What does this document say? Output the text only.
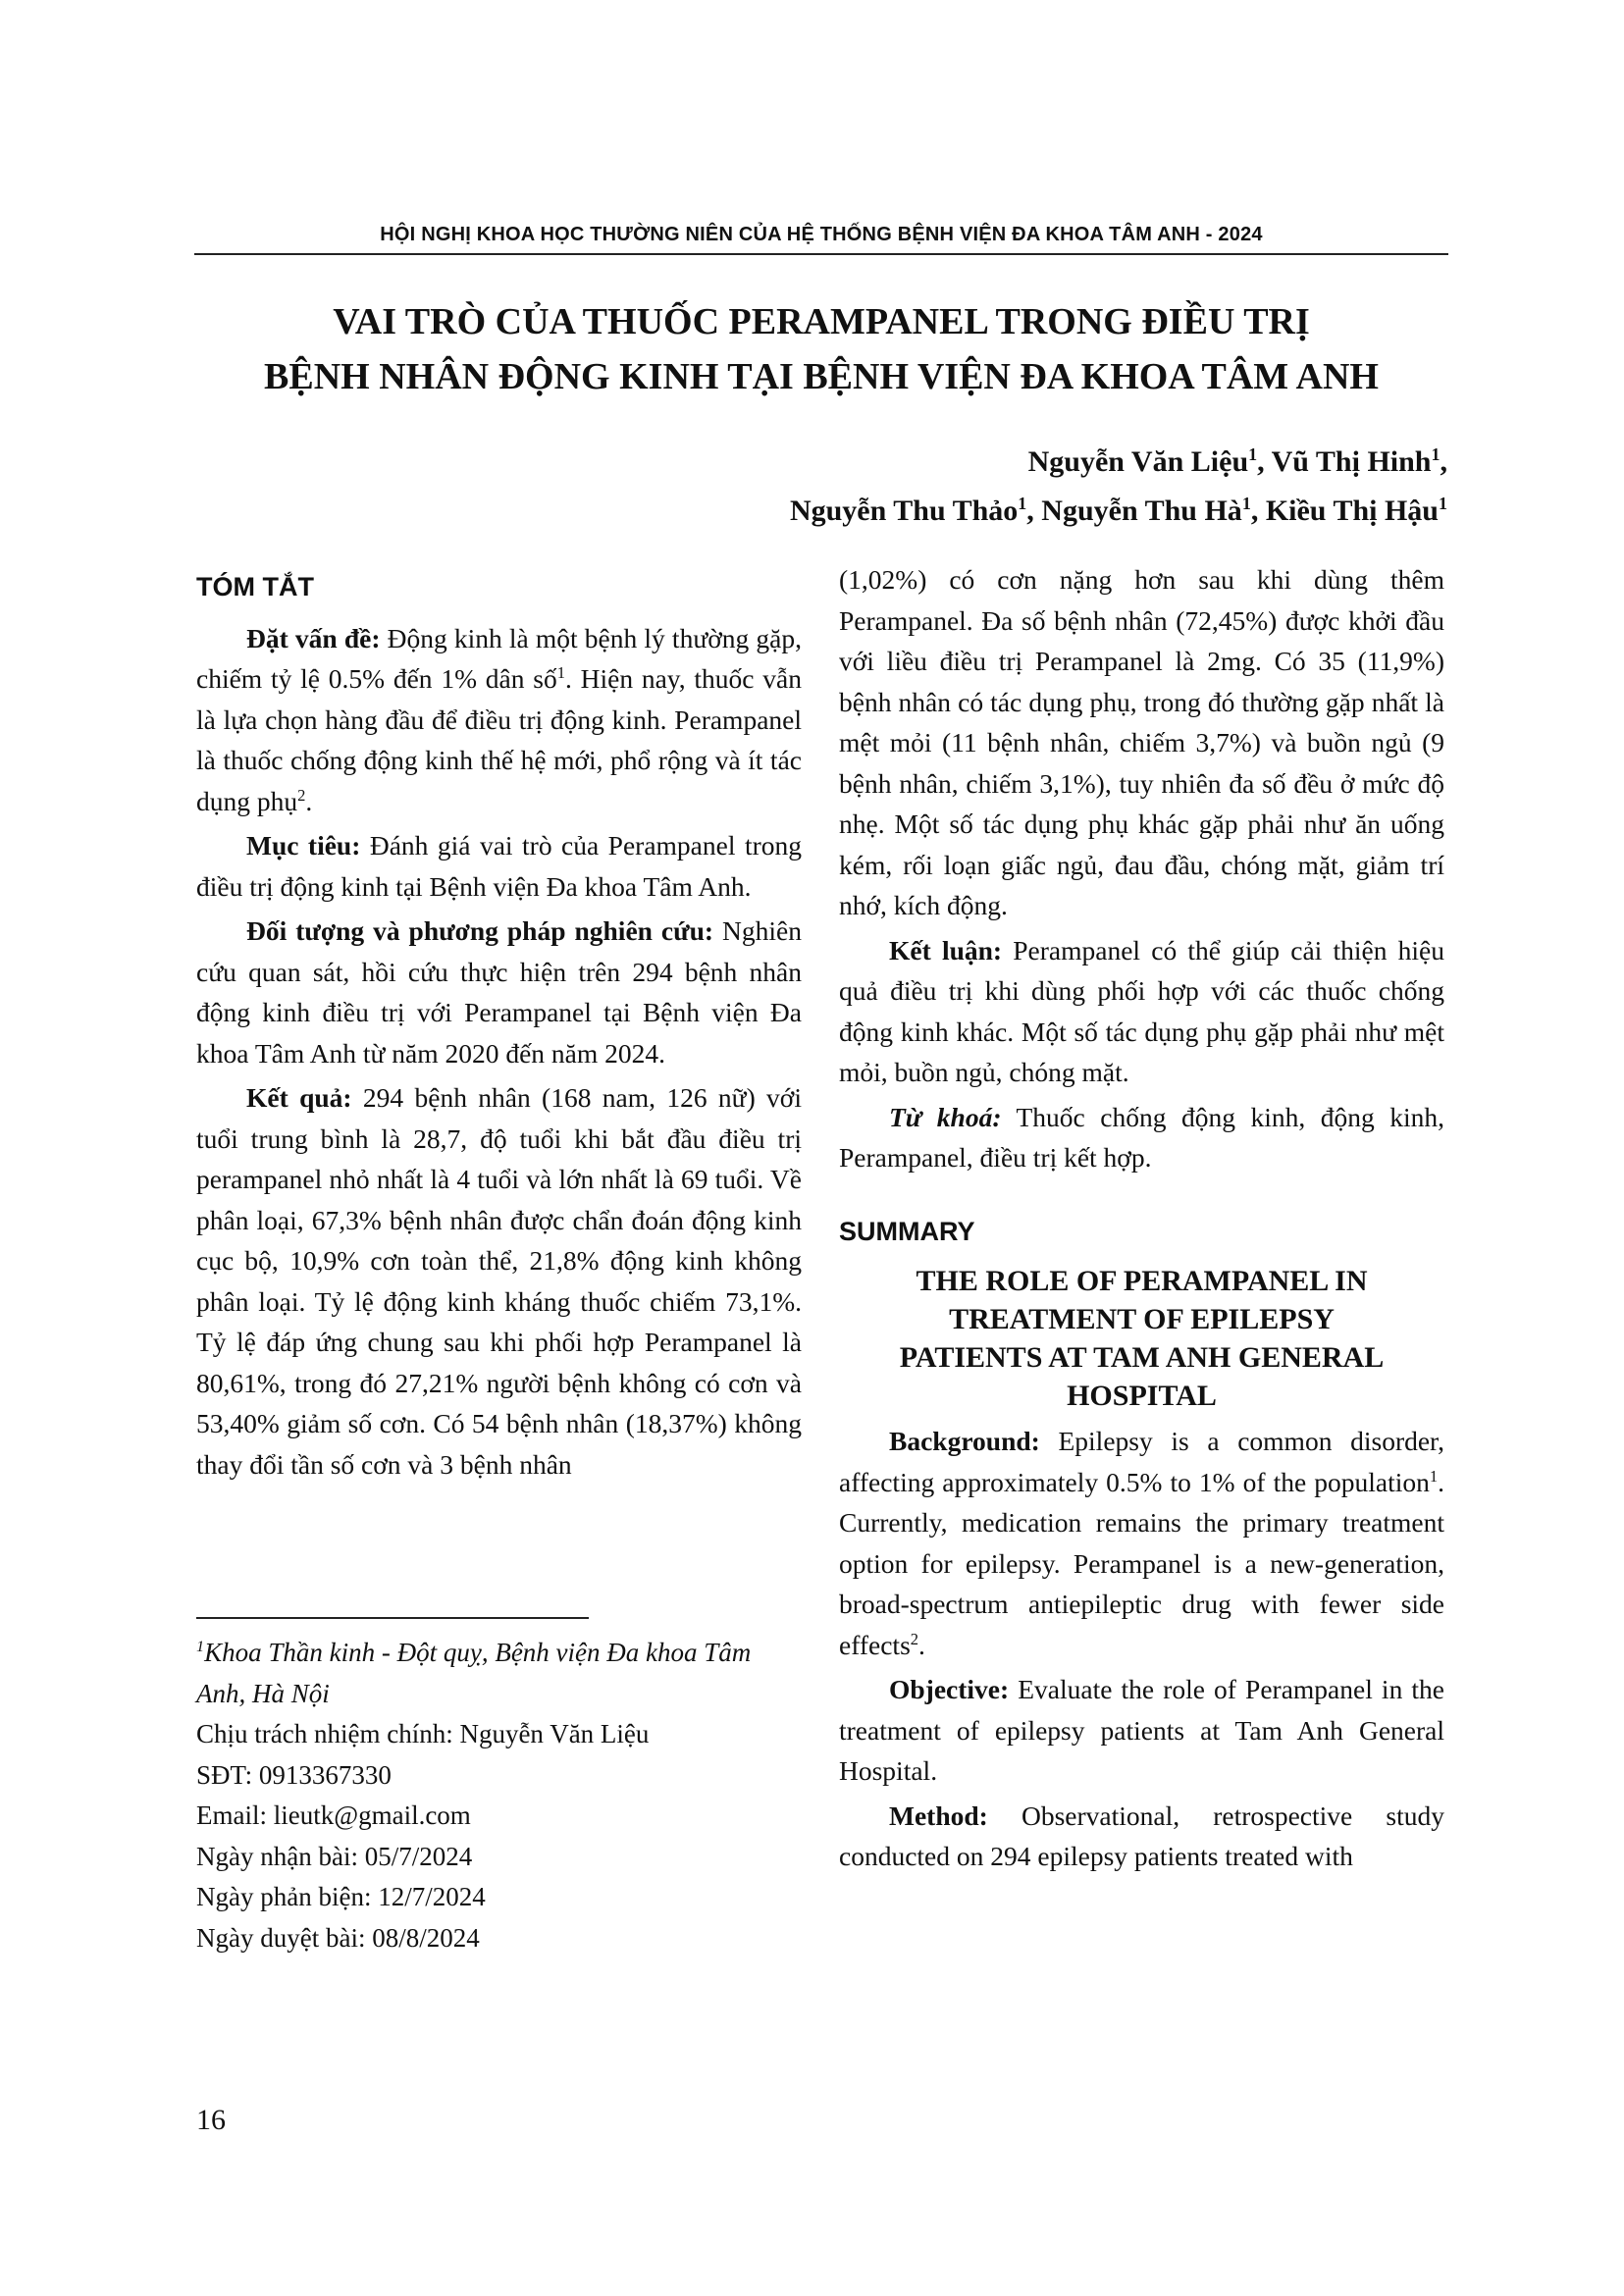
HỘI NGHỊ KHOA HỌC THƯỜNG NIÊN CỦA HỆ THỐNG BỆNH VIỆN ĐA KHOA TÂM ANH - 2024
VAI TRÒ CỦA THUỐC PERAMPANEL TRONG ĐIỀU TRỊ
BỆNH NHÂN ĐỘNG KINH TẠI BỆNH VIỆN ĐA KHOA TÂM ANH
Nguyễn Văn Liệu$^1$, Vũ Thị Hinh$^1$,
Nguyễn Thu Thảo$^1$, Nguyễn Thu $Hà^1$, Kiều Thị Hậu$^1$
TÓM TẮT

Đặt vấn đề: Động kinh là một bệnh lý thường gặp, chiếm tỷ lệ 0.5% đến 1% dân số$^1$. Hiện nay, thuốc vẫn là lựa chọn hàng đầu để điều trị động kinh. Perampanel là thuốc chống động kinh thế hệ mới, phổ rộng và ít tác dụng phụ$^2$.

Mục tiêu: Đánh giá vai trò của Perampanel trong điều trị động kinh tại Bệnh viện Đa khoa Tâm Anh.

Đối tượng và phương pháp nghiên cứu: Nghiên cứu quan sát, hồi cứu thực hiện trên 294 bệnh nhân động kinh điều trị với Perampanel tại Bệnh viện Đa khoa Tâm Anh từ năm 2020 đến năm 2024.

Kết quả: 294 bệnh nhân (168 nam, 126 nữ) với tuổi trung bình là 28,7, độ tuổi khi bắt đầu điều trị perampanel nhỏ nhất là 4 tuổi và lớn nhất là 69 tuổi. Về phân loại, 67,3% bệnh nhân được chẩn đoán động kinh cục bộ, 10,9% cơn toàn thể, 21,8% động kinh không phân loại. Tỷ lệ động kinh kháng thuốc chiếm 73,1%. Tỷ lệ đáp ứng chung sau khi phối hợp Perampanel là 80,61%, trong đó 27,21% người bệnh không có cơn và 53,40% giảm số cơn. Có 54 bệnh nhân (18,37%) không thay đổi tần số cơn và 3 bệnh nhân

$^1$Khoa Thần kinh - Đột quỵ, Bệnh viện Đa khoa Tâm Anh, Hà Nội
Chịu trách nhiệm chính: Nguyễn Văn Liệu
SĐT: 0913367330
Email: lieutk@gmail.com
Ngày nhận bài: 05/7/2024
Ngày phản biện: 12/7/2024
Ngày duyệt bài: 08/8/2024

(1,02%) có cơn nặng hơn sau khi dùng thêm Perampanel. Đa số bệnh nhân (72,45%) được khởi đầu với liều điều trị Perampanel là 2mg. Có 35 (11,9%) bệnh nhân có tác dụng phụ, trong đó thường gặp nhất là mệt mỏi (11 bệnh nhân, chiếm 3,7%) và buồn ngủ (9 bệnh nhân, chiếm 3,1%), tuy nhiên đa số đều ở mức độ nhẹ. Một số tác dụng phụ khác gặp phải như ăn uống kém, rối loạn giấc ngủ, đau đầu, chóng mặt, giảm trí nhớ, kích động.

Kết luận: Perampanel có thể giúp cải thiện hiệu quả điều trị khi dùng phối hợp với các thuốc chống động kinh khác. Một số tác dụng phụ gặp phải như mệt mỏi, buồn ngủ, chóng mặt.

Từ khoá: Thuốc chống động kinh, động kinh, Perampanel, điều trị kết hợp.

SUMMARY
THE ROLE OF PERAMPANEL IN
TREATMENT OF EPILEPSY
PATIENTS AT TAM ANH GENERAL
HOSPITAL

Background: Epilepsy is a common disorder, affecting approximately 0.5% to 1% of the population$^1$. Currently, medication remains the primary treatment option for epilepsy. Perampanel is a new-generation, broad-spectrum antiepileptic drug with fewer side effects$^2$.

Objective: Evaluate the role of Perampanel in the treatment of epilepsy patients at Tam Anh General Hospital.

Method: Observational, retrospective study conducted on 294 epilepsy patients treated with

16
